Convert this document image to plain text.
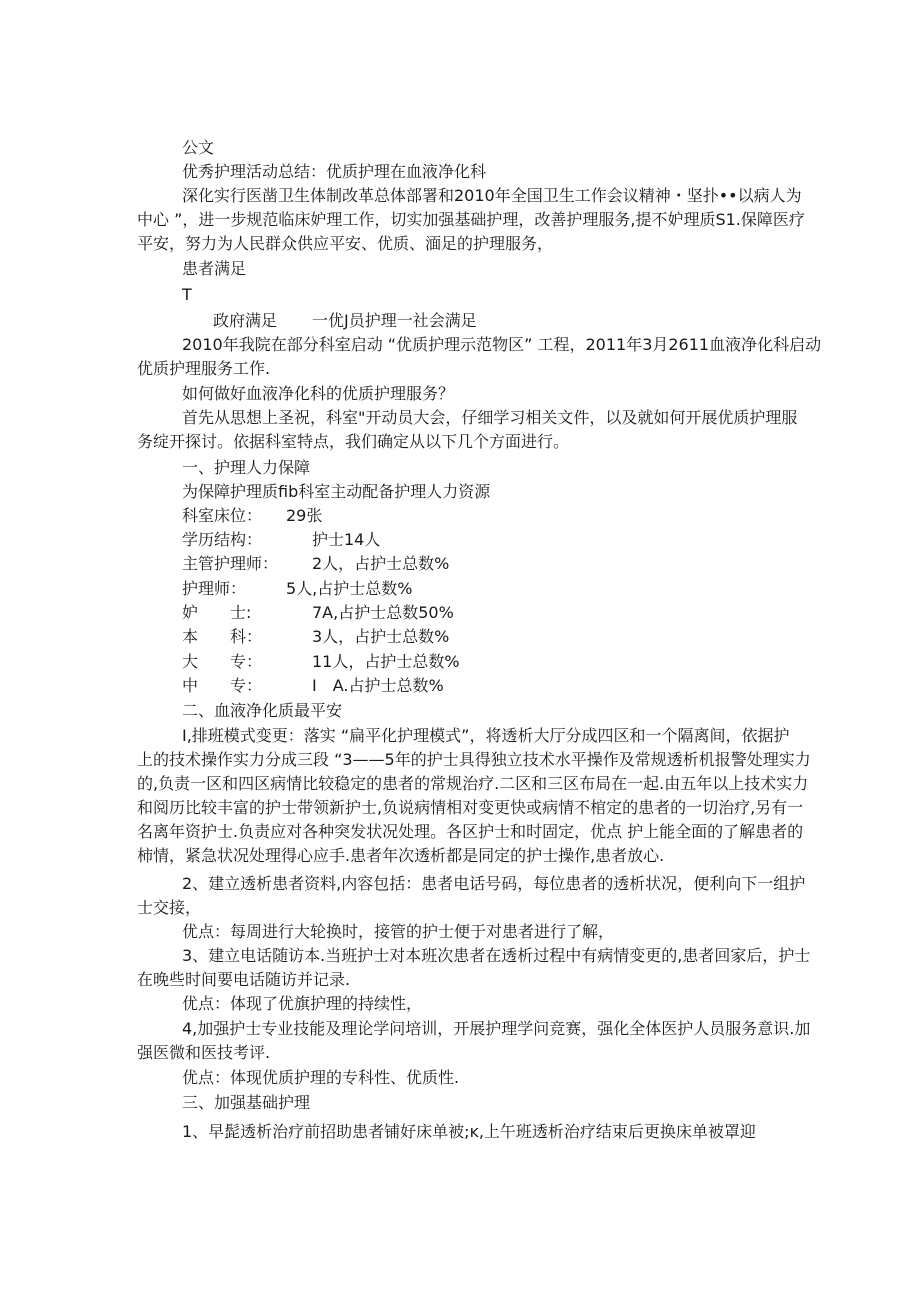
公文
优秀护理活动总结：优质护理在血液净化科
深化实行医凿卫生体制改革总体部署和2010年全国卫生工作会议精神・坚扑••以病人为
中心 ”，进一步规范临床妒理工作，切实加强基础护理，改善护理服务,提不妒理质S1.保障医疗
平安，努力为人民群众供应平安、优质、湎足的护理服务，
患者满足
T
政府满足 一优J员护理一社会满足
2010年我院在部分科室启动 “优质护理示范物区” 工程，2011年3月2611血液净化科启动
优质护理服务工作.
如何做好血液净化科的优质护理服务？
首先从思想上圣祝，科室"开动员大会，仔细学习相关文件，以及就如何开展优质护理服
务绽开探讨。依据科室特点，我们确定从以下几个方面进行。
一、护理人力保障
为保障护理质fib科室主动配备护理人力资源
科室床位： 29张
学历结构：	护士14人
主管护理师： 2人，占护士总数%
护理师： 5人,占护士总数%
妒　　士:	7A,占护士总数50%
本　　科：	3人，占护士总数%
大　　专：	11人，占护士总数%
中　　专：	I　A.占护士总数%
二、血液净化质最平安
I,排班模式变更：落实 “扁平化护理模式”，将透析大厅分成四区和一个隔离间，依据护
上的技术操作实力分成三段 “3——5年的护士具得独立技术水平操作及常规透析机报警处理实力
的,负责一区和四区病情比较稳定的患者的常规治疗.二区和三区布局在一起.由五年以上技术实力
和阅历比较丰富的护士带领新护士,负说病情相对变更快或病情不棺定的患者的一切治疗,另有一
名离年资护士.负责应对各种突发状况处理。各区护士和时固定，优点 护上能全面的了解患者的
柿情，紧急状况处理得心应手.患者年次透析都是同定的护士操作,患者放心.
2、建立透析患者资料,内容包括：患者电话号码，每位患者的透析状况，便利向下一组护
士交接，
优点：每周进行大轮换时，接管的护士便于对患者进行了解，
3、建立电话随访本.当班护士对本班次患者在透析过程中有病情变更的,患者回家后，护士
在晚些时间要电话随访并记录.
优点：体现了优旗护理的持续性，
4,加强护士专业技能及理论学问培训，开展护理学问竞赛，强化全体医护人员服务意识.加
强医微和医技考评.
优点：体现优质护理的专科性、优质性.
三、加强基础护理
1、早髭透析治疗前招助患者铺好床单被;ĸ,上午班透析治疗结束后更换床单被罩迎
